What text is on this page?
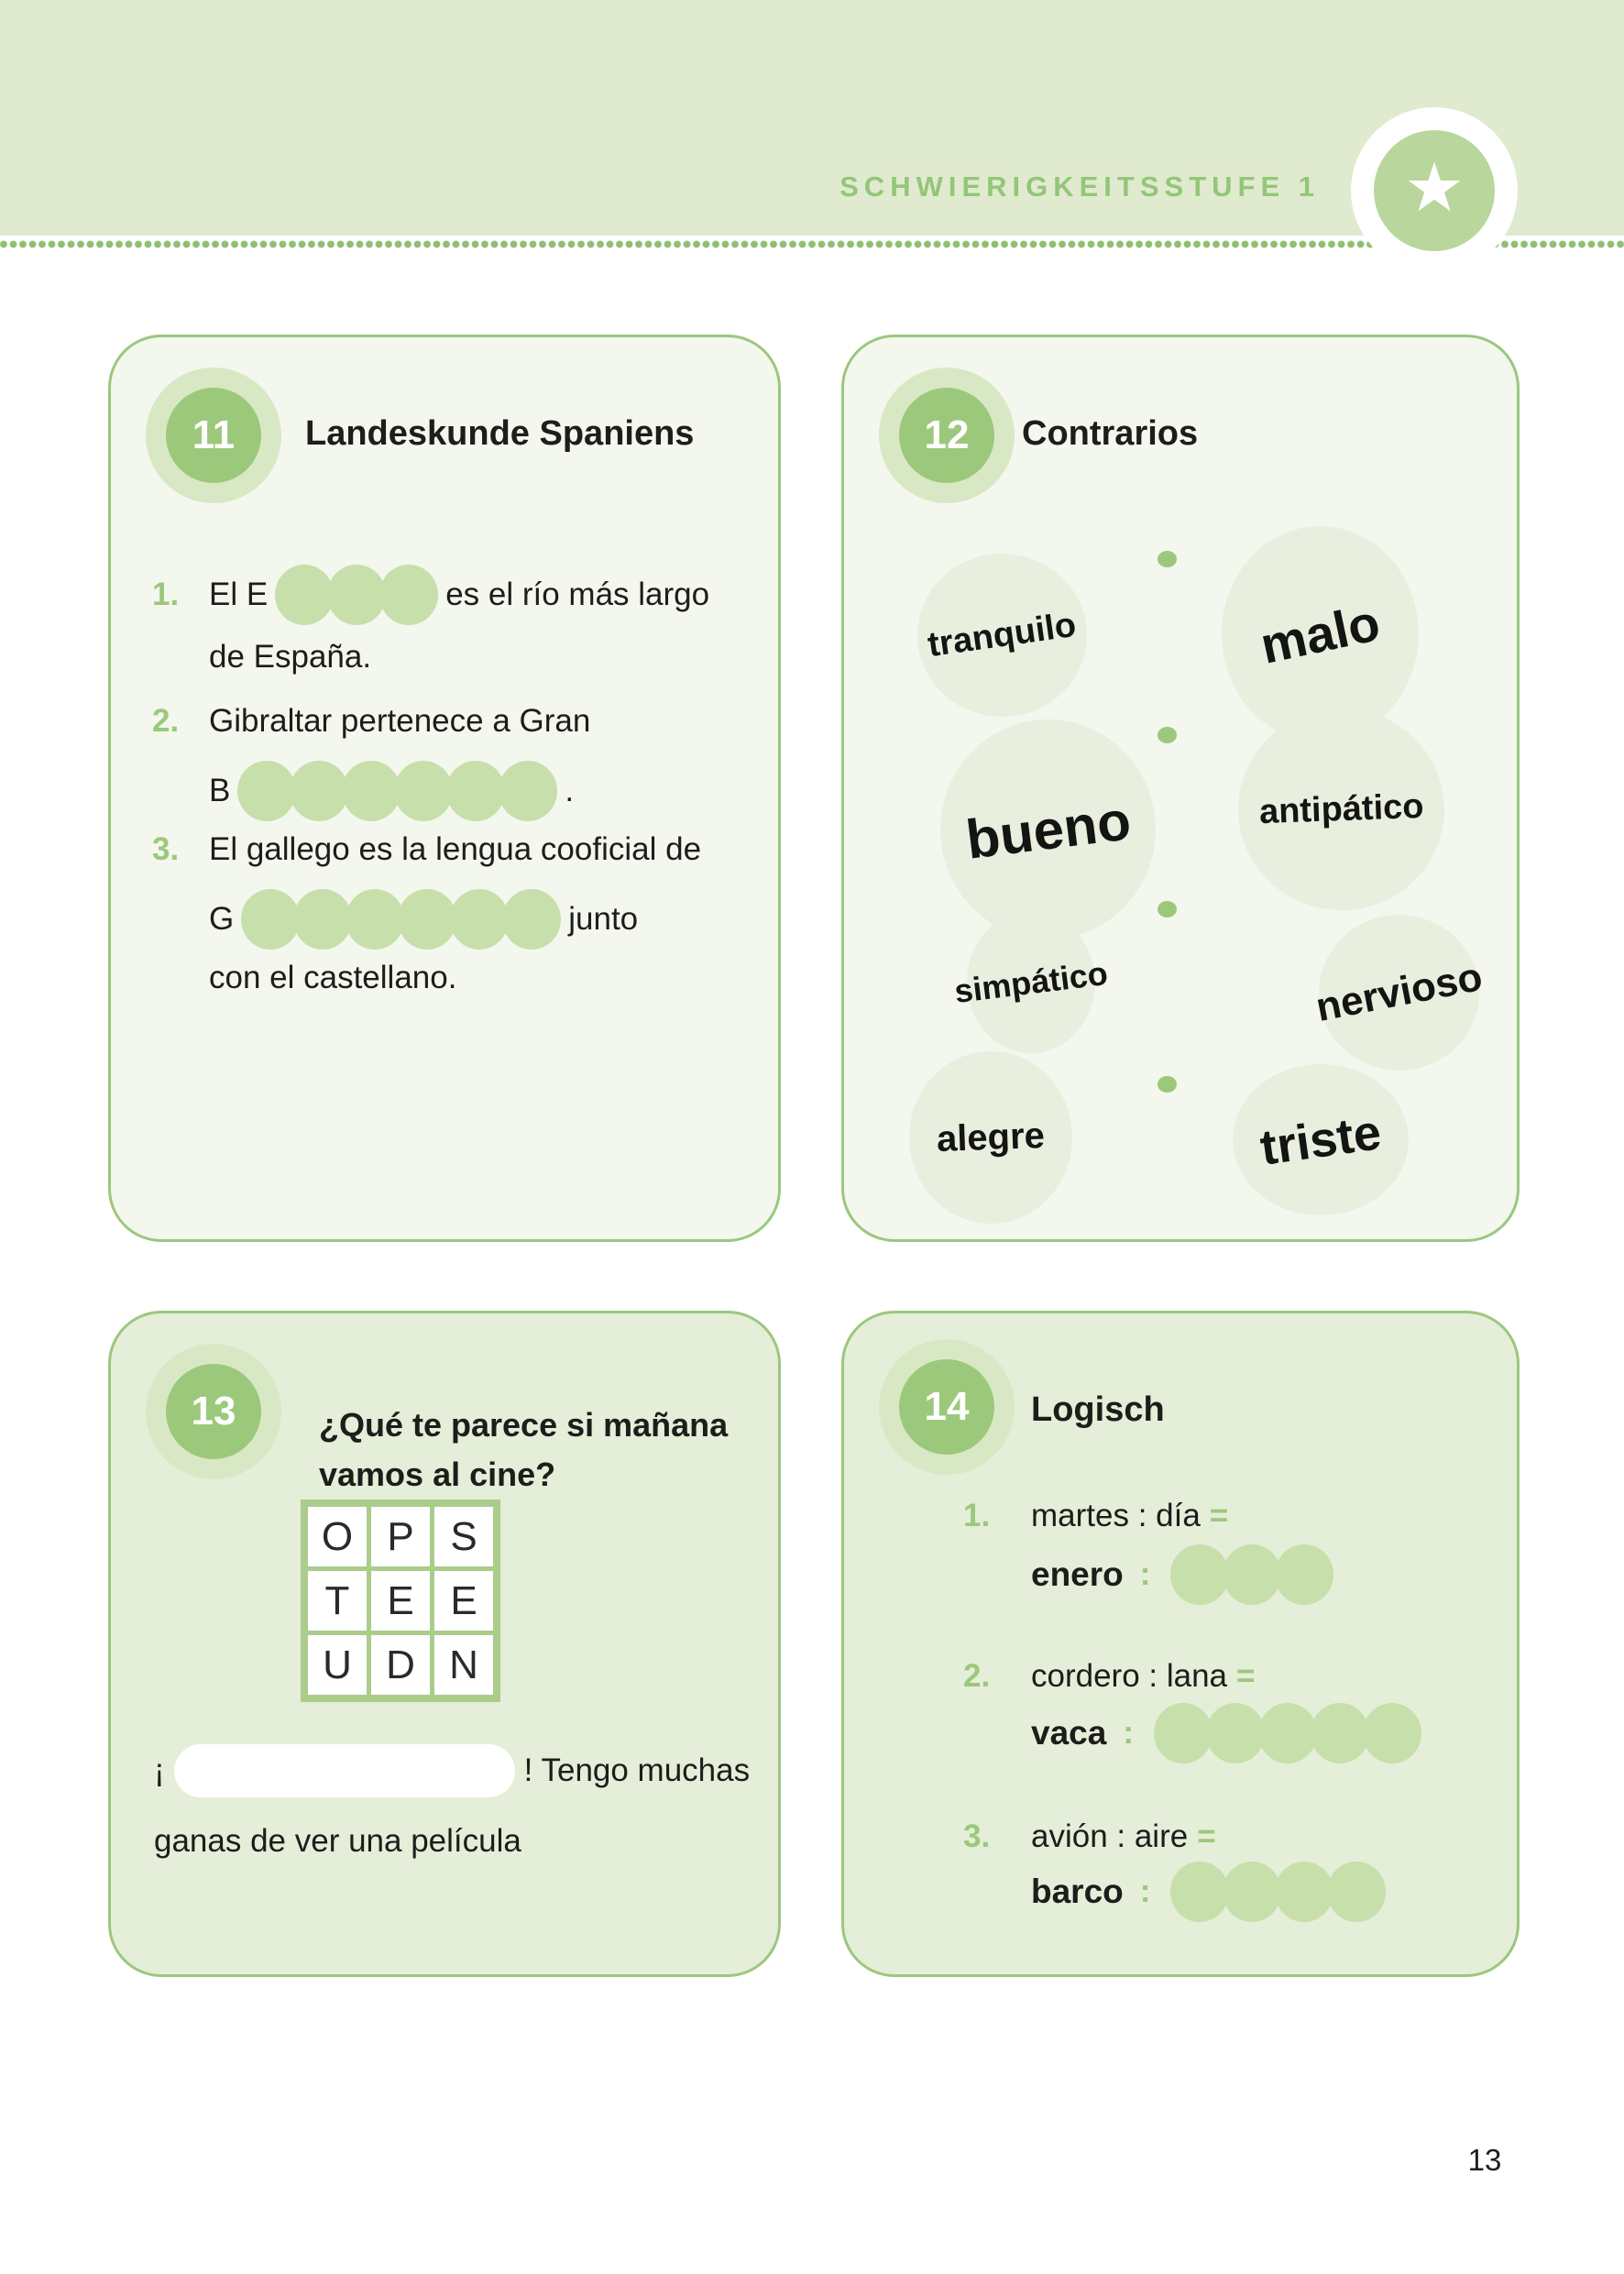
SCHWIERIGKEITSSTUFE 1 ★
11 Landeskunde Spaniens
1. El E	es el río más largo
de España.
2. Gibraltar pertenece a Gran
B	.
3. El gallego es la lengua cooficial de
G	junto
con el castellano.
12 Contrarios
tranquilo
bueno
simpático
alegre
malo
antipático
nervioso
triste
13	¿Qué te parece si mañana
vamos al cine?
O P S
T E E
U D N
¡	! Tengo muchas
ganas de ver una película
14 Logisch
1.	martes : día =
enero :
2.	cordero : lana =
vaca :
3.	avión : aire =
barco :
13
